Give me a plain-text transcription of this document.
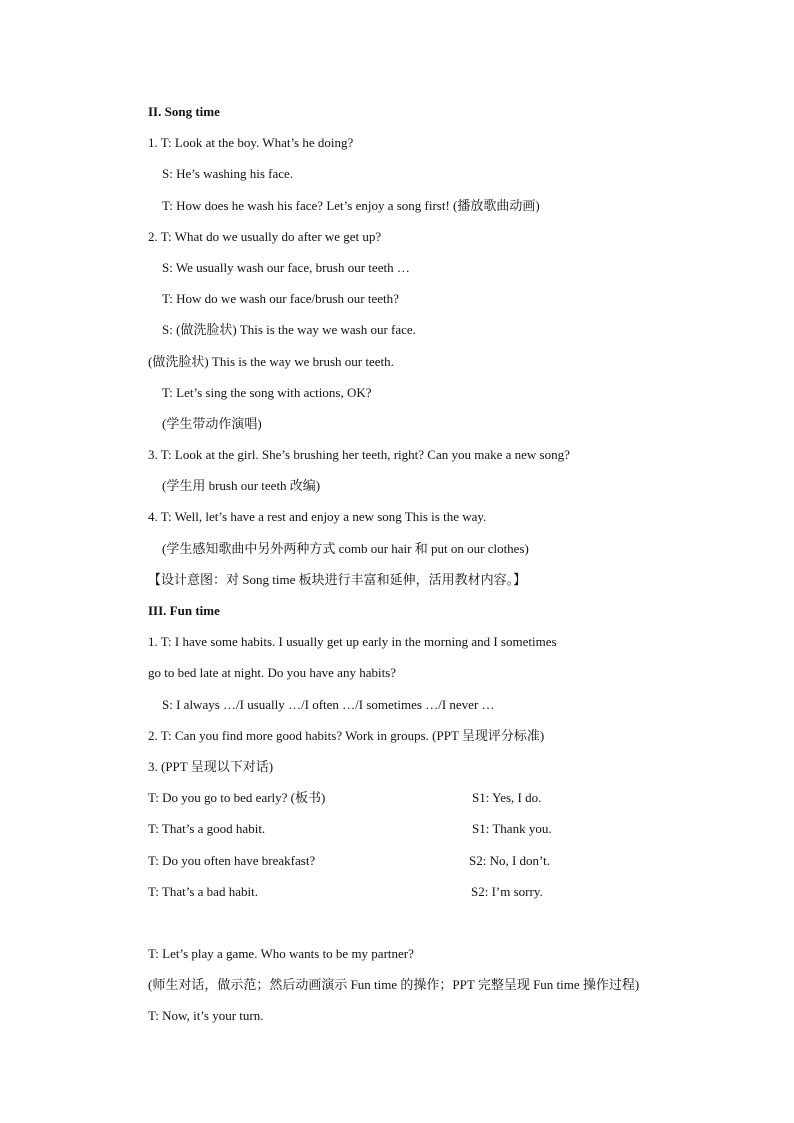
II. Song time
1. T: Look at the boy. What’s he doing?
S: He’s washing his face.
T: How does he wash his face? Let’s enjoy a song first! (播放歌曲动画)
2. T: What do we usually do after we get up?
S: We usually wash our face, brush our teeth …
T: How do we wash our face/brush our teeth?
S: (做洗脸状) This is the way we wash our face.
(做洗脸状) This is the way we brush our teeth.
T: Let’s sing the song with actions, OK?
(学生带动作演唱)
3. T: Look at the girl. She’s brushing her teeth, right? Can you make a new song?
(学生用 brush our teeth 改编)
4. T: Well, let’s have a rest and enjoy a new song This is the way.
(学生感知歌曲中另外两种方式 comb our hair 和 put on our clothes)
【设计意图：对 Song time 板块进行丰富和延伸，活用教材内容。】
III. Fun time
1. T: I have some habits. I usually get up early in the morning and I sometimes
go to bed late at night. Do you have any habits?
S: I always …/I usually …/I often …/I sometimes …/I never …
2. T: Can you find more good habits? Work in groups. (PPT 呈现评分标准)
3. (PPT 呈现以下对话)
T: Do you go to bed early? (板书)	S1: Yes, I do.
T: That’s a good habit.	S1: Thank you.
T: Do you often have breakfast?	S2: No, I don’t.
T: That’s a bad habit.	S2: I’m sorry.
T: Let’s play a game. Who wants to be my partner?
(师生对话，做示范；然后动画演示 Fun time 的操作；PPT 完整呈现 Fun time 操作过程)
T: Now, it’s your turn.
